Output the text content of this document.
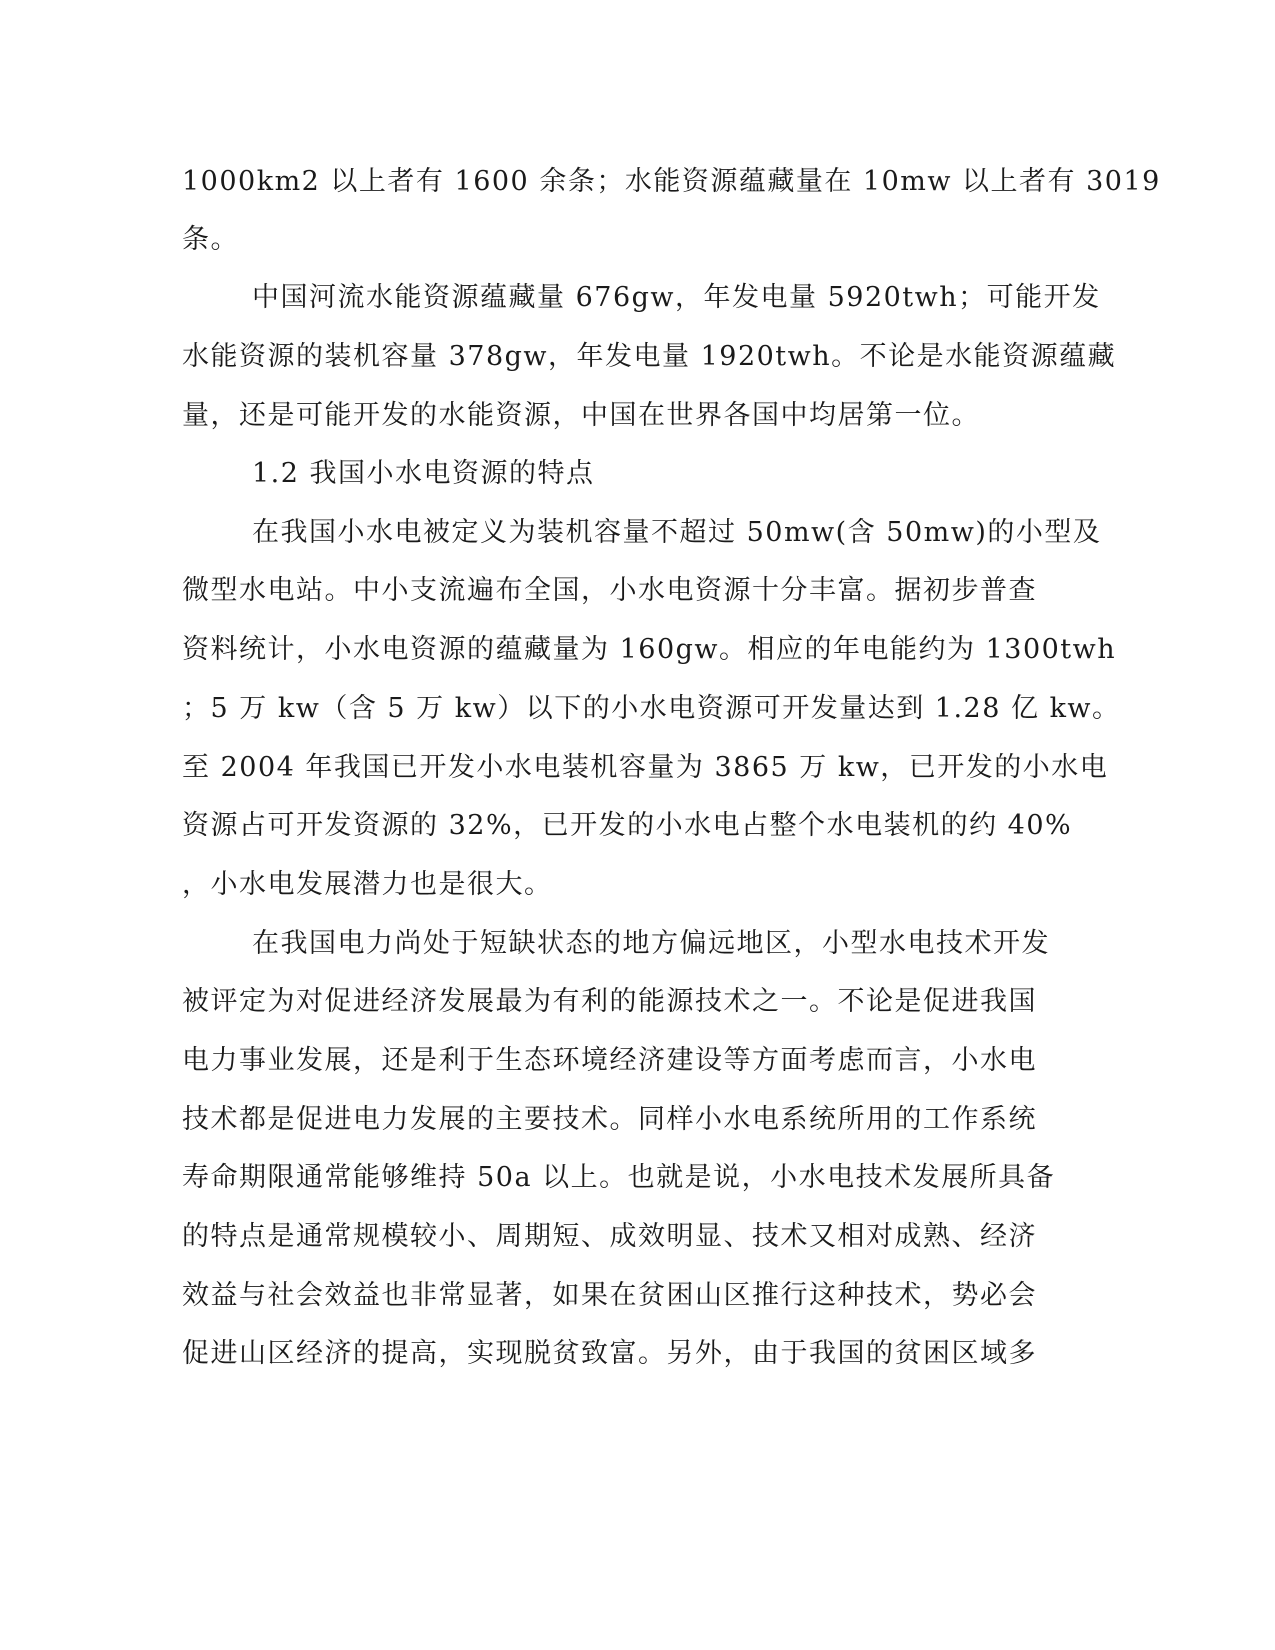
1000km2 以上者有 1600 余条；水能资源蕴藏量在 10mw 以上者有 3019

条。

中国河流水能资源蕴藏量 676gw，年发电量 5920twh；可能开发

水能资源的装机容量 378gw，年发电量 1920twh。不论是水能资源蕴藏

量，还是可能开发的水能资源，中国在世界各国中均居第一位。

1.2 我国小水电资源的特点

在我国小水电被定义为装机容量不超过 50mw(含 50mw)的小型及

微型水电站。中小支流遍布全国，小水电资源十分丰富。据初步普查

资料统计，小水电资源的蕴藏量为 160gw。相应的年电能约为 1300twh

；5 万 kw（含 5 万 kw）以下的小水电资源可开发量达到 1.28 亿 kw。

至 2004 年我国已开发小水电装机容量为 3865 万 kw，已开发的小水电

资源占可开发资源的 32%，已开发的小水电占整个水电装机的约 40%

，小水电发展潜力也是很大。

在我国电力尚处于短缺状态的地方偏远地区，小型水电技术开发

被评定为对促进经济发展最为有利的能源技术之一。不论是促进我国

电力事业发展，还是利于生态环境经济建设等方面考虑而言，小水电

技术都是促进电力发展的主要技术。同样小水电系统所用的工作系统

寿命期限通常能够维持 50a 以上。也就是说，小水电技术发展所具备

的特点是通常规模较小、周期短、成效明显、技术又相对成熟、经济

效益与社会效益也非常显著，如果在贫困山区推行这种技术，势必会

促进山区经济的提高，实现脱贫致富。另外，由于我国的贫困区域多
